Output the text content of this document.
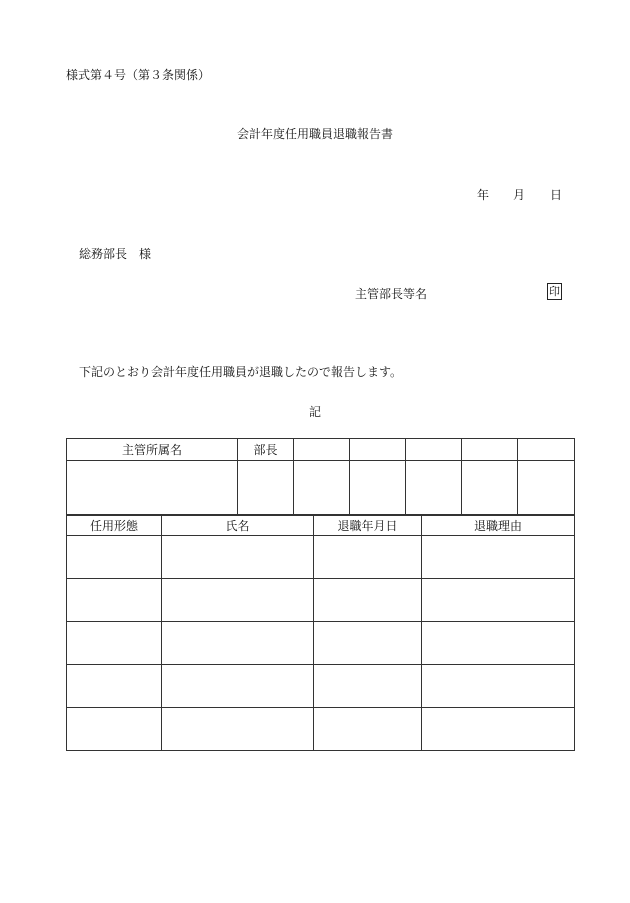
様式第４号（第３条関係）
会計年度任用職員退職報告書
年 月 日
総務部長 様
主管部長等名	印
下記のとおり会計年度任用職員が退職したので報告します。
記
主管所属名	部長					

任用形態	氏名	退職年月日	退職理由
